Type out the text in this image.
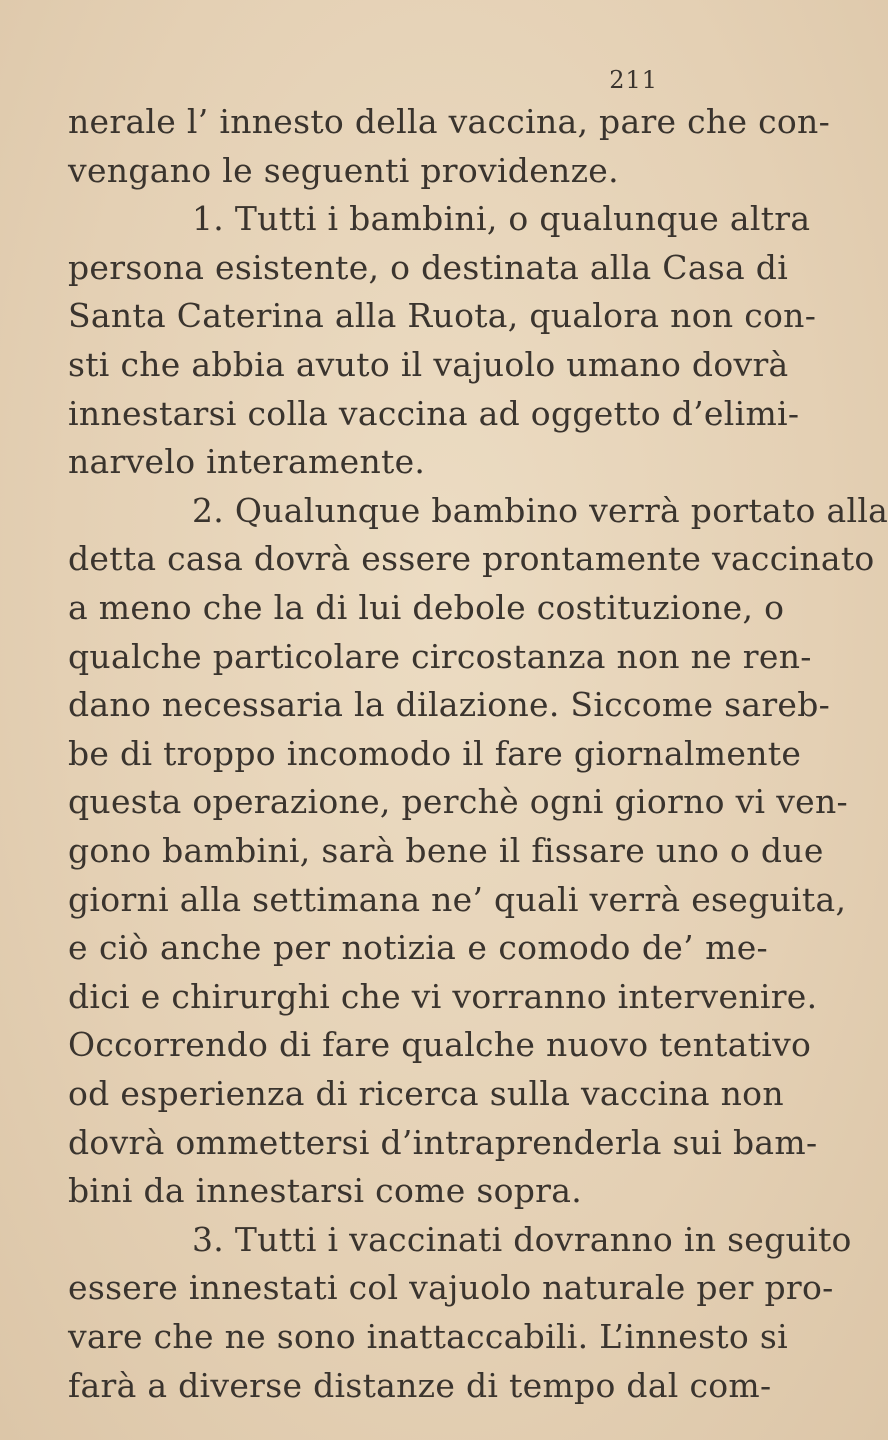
211
nerale l’ innesto della vaccina, pare che con-
vengano le seguenti providenze.
1. Tutti i bambini, o qualunque altra
persona esistente, o destinata alla Casa di
Santa Caterina alla Ruota, qualora non con-
sti che abbia avuto il vajuolo umano dovrà
innestarsi colla vaccina ad oggetto d’elimi-
narvelo interamente.
2. Qualunque bambino verrà portato alla
detta casa dovrà essere prontamente vaccinato
a meno che la di lui debole costituzione, o
qualche particolare circostanza non ne ren-
dano necessaria la dilazione. Siccome sareb-
be di troppo incomodo il fare giornalmente
questa operazione, perchè ogni giorno vi ven-
gono bambini, sarà bene il fissare uno o due
giorni alla settimana ne’ quali verrà eseguita,
e ciò anche per notizia e comodo de’ me-
dici e chirurghi che vi vorranno intervenire.
Occorrendo di fare qualche nuovo tentativo
od esperienza di ricerca sulla vaccina non
dovrà ommettersi d’intraprenderla sui bam-
bini da innestarsi come sopra.
3. Tutti i vaccinati dovranno in seguito
essere innestati col vajuolo naturale per pro-
vare che ne sono inattaccabili. L’innesto si
farà a diverse distanze di tempo dal com-
